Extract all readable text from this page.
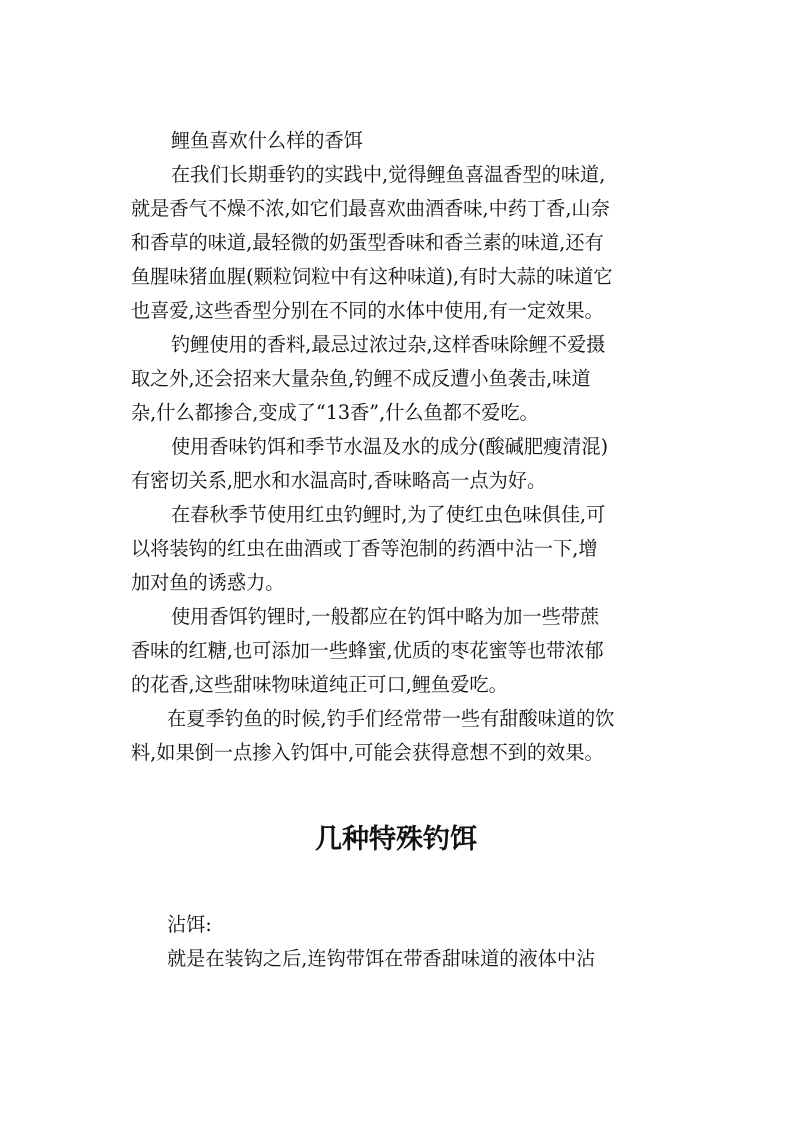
鲤鱼喜欢什么样的香饵

在我们长期垂钓的实践中,觉得鲤鱼喜温香型的味道,

就是香气不燥不浓,如它们最喜欢曲酒香味,中药丁香,山奈

和香草的味道,最轻微的奶蛋型香味和香兰素的味道,还有

鱼腥味猪血腥(颗粒饲粒中有这种味道),有时大蒜的味道它

也喜爱,这些香型分别在不同的水体中使用,有一定效果。

钓鲤使用的香料,最忌过浓过杂,这样香味除鲤不爱摄

取之外,还会招来大量杂鱼,钓鲤不成反遭小鱼袭击,味道

杂,什么都掺合,变成了“13香”,什么鱼都不爱吃。

使用香味钓饵和季节水温及水的成分(酸碱肥瘦清混)

有密切关系,肥水和水温高时,香味略高一点为好。

在春秋季节使用红虫钓鲤时,为了使红虫色味俱佳,可

以将装钩的红虫在曲酒或丁香等泡制的药酒中沾一下,增

加对鱼的诱惑力。

使用香饵钓锂时,一般都应在钓饵中略为加一些带蔗

香味的红糖,也可添加一些蜂蜜,优质的枣花蜜等也带浓郁

的花香,这些甜味物味道纯正可口,鲤鱼爱吃。

在夏季钓鱼的时候,钓手们经常带一些有甜酸味道的饮

料,如果倒一点掺入钓饵中,可能会获得意想不到的效果。

几种特殊钓饵

沾饵:

就是在装钩之后,连钩带饵在带香甜味道的液体中沾
